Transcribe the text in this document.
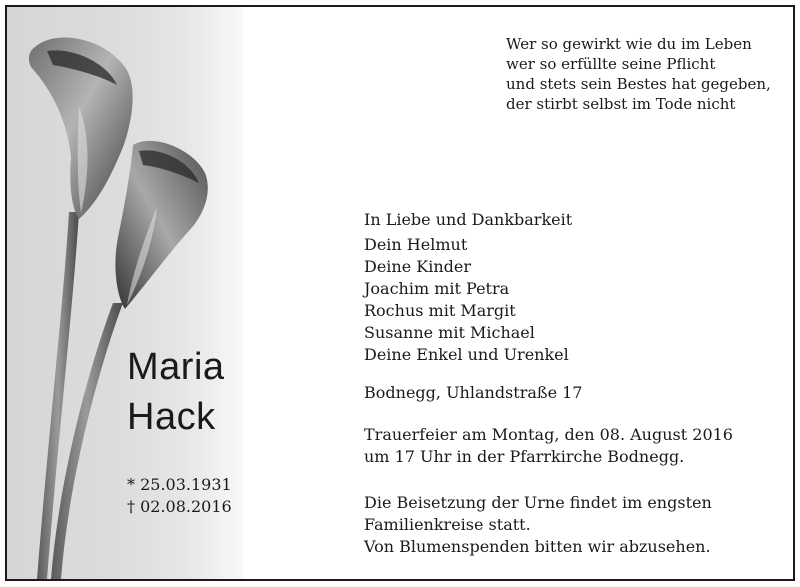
Wer so gewirkt wie du im Leben
wer so erfüllte seine Pflicht
und stets sein Bestes hat gegeben,
der stirbt selbst im Tode nicht
Maria
Hack
* 25.03.1931
† 02.08.2016
In Liebe und Dankbarkeit
Dein Helmut
Deine Kinder
Joachim mit Petra
Rochus mit Margit
Susanne mit Michael
Deine Enkel und Urenkel
Bodnegg, Uhlandstraße 17
Trauerfeier am Montag, den 08. August 2016
um 17 Uhr in der Pfarrkirche Bodnegg.
Die Beisetzung der Urne findet im engsten
Familienkreise statt.
Von Blumenspenden bitten wir abzusehen.
